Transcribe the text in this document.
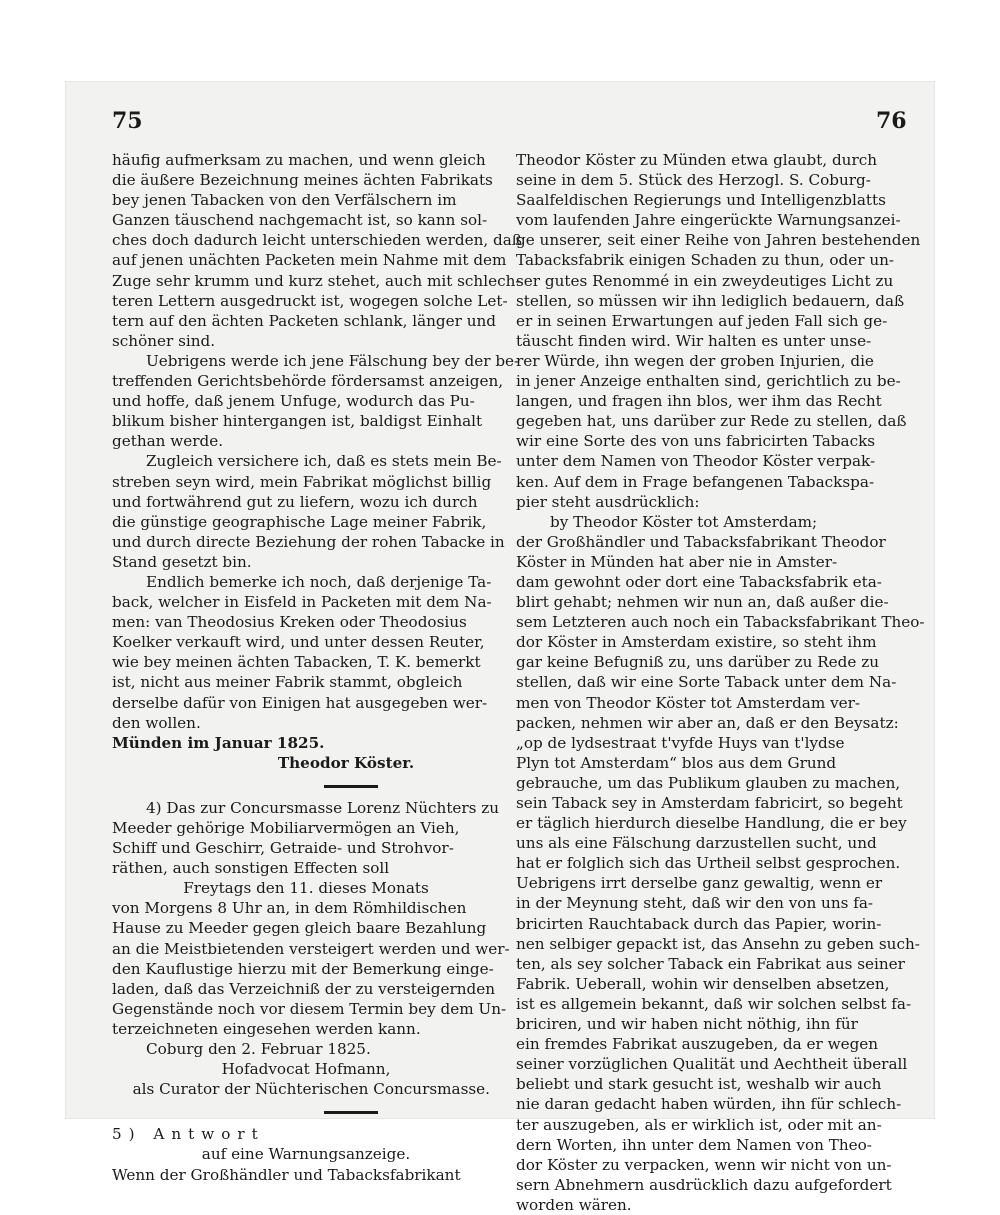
75	76

häufig aufmerksam zu machen, und wenn gleich

die äußere Bezeichnung meines ächten Fabrikats

bey jenen Tabacken von den Verfälschern im

Ganzen täuschend nachgemacht ist, so kann sol-

ches doch dadurch leicht unterschieden werden, daß

auf jenen unächten Packeten mein Nahme mit dem

Zuge sehr krumm und kurz stehet, auch mit schlech-

teren Lettern ausgedruckt ist, wogegen solche Let-

tern auf den ächten Packeten schlank, länger und

schöner sind.

Uebrigens werde ich jene Fälschung bey der be-

treffenden Gerichtsbehörde fördersamst anzeigen,

und hoffe, daß jenem Unfuge, wodurch das Pu-

blikum bisher hintergangen ist, baldigst Einhalt

gethan werde.

Zugleich versichere ich, daß es stets mein Be-

streben seyn wird, mein Fabrikat möglichst billig

und fortwährend gut zu liefern, wozu ich durch

die günstige geographische Lage meiner Fabrik,

und durch directe Beziehung der rohen Tabacke in

Stand gesetzt bin.

Endlich bemerke ich noch, daß derjenige Ta-

back, welcher in Eisfeld in Packeten mit dem Na-

men: van Theodosius Kreken oder Theodosius

Koelker verkauft wird, und unter dessen Reuter,

wie bey meinen ächten Tabacken, T. K. bemerkt

ist, nicht aus meiner Fabrik stammt, obgleich

derselbe dafür von Einigen hat ausgegeben wer-

den wollen.

Münden im Januar 1825.

Theodor Köster.

4) Das zur Concursmasse Lorenz Nüchters zu

Meeder gehörige Mobiliarvermögen an Vieh,

Schiff und Geschirr, Getraide- und Strohvor-

räthen, auch sonstigen Effecten soll

Freytags den 11. dieses Monats

von Morgens 8 Uhr an, in dem Römhildischen

Hause zu Meeder gegen gleich baare Bezahlung

an die Meistbietenden versteigert werden und wer-

den Kauflustige hierzu mit der Bemerkung einge-

laden, daß das Verzeichniß der zu versteigernden

Gegenstände noch vor diesem Termin bey dem Un-

terzeichneten eingesehen werden kann.

Coburg den 2. Februar 1825.

Hofadvocat Hofmann,

als Curator der Nüchterischen Concursmasse.

5) Antwort

auf eine Warnungsanzeige.

Wenn der Großhändler und Tabacksfabrikant

Theodor Köster zu Münden etwa glaubt, durch

seine in dem 5. Stück des Herzogl. S. Coburg-

Saalfeldischen Regierungs und Intelligenzblatts

vom laufenden Jahre eingerückte Warnungsanzei-

ge unserer, seit einer Reihe von Jahren bestehenden

Tabacksfabrik einigen Schaden zu thun, oder un-

ser gutes Renommé in ein zweydeutiges Licht zu

stellen, so müssen wir ihn lediglich bedauern, daß

er in seinen Erwartungen auf jeden Fall sich ge-

täuscht finden wird. Wir halten es unter unse-

rer Würde, ihn wegen der groben Injurien, die

in jener Anzeige enthalten sind, gerichtlich zu be-

langen, und fragen ihn blos, wer ihm das Recht

gegeben hat, uns darüber zur Rede zu stellen, daß

wir eine Sorte des von uns fabricirten Tabacks

unter dem Namen von Theodor Köster verpak-

ken. Auf dem in Frage befangenen Tabackspa-

pier steht ausdrücklich:

by Theodor Köster tot Amsterdam;

der Großhändler und Tabacksfabrikant Theodor

Köster in Münden hat aber nie in Amster-

dam gewohnt oder dort eine Tabacksfabrik eta-

blirt gehabt; nehmen wir nun an, daß außer die-

sem Letzteren auch noch ein Tabacksfabrikant Theo-

dor Köster in Amsterdam existire, so steht ihm

gar keine Befugniß zu, uns darüber zu Rede zu

stellen, daß wir eine Sorte Taback unter dem Na-

men von Theodor Köster tot Amsterdam ver-

packen, nehmen wir aber an, daß er den Beysatz:

„op de lydsestraat t'vyfde Huys van t'lydse

Plyn tot Amsterdam“ blos aus dem Grund

gebrauche, um das Publikum glauben zu machen,

sein Taback sey in Amsterdam fabricirt, so begeht

er täglich hierdurch dieselbe Handlung, die er bey

uns als eine Fälschung darzustellen sucht, und

hat er folglich sich das Urtheil selbst gesprochen.

Uebrigens irrt derselbe ganz gewaltig, wenn er

in der Meynung steht, daß wir den von uns fa-

bricirten Rauchtaback durch das Papier, worin-

nen selbiger gepackt ist, das Ansehn zu geben such-

ten, als sey solcher Taback ein Fabrikat aus seiner

Fabrik. Ueberall, wohin wir denselben absetzen,

ist es allgemein bekannt, daß wir solchen selbst fa-

briciren, und wir haben nicht nöthig, ihn für

ein fremdes Fabrikat auszugeben, da er wegen

seiner vorzüglichen Qualität und Aechtheit überall

beliebt und stark gesucht ist, weshalb wir auch

nie daran gedacht haben würden, ihn für schlech-

ter auszugeben, als er wirklich ist, oder mit an-

dern Worten, ihn unter dem Namen von Theo-

dor Köster zu verpacken, wenn wir nicht von un-

sern Abnehmern ausdrücklich dazu aufgefordert

worden wären.
